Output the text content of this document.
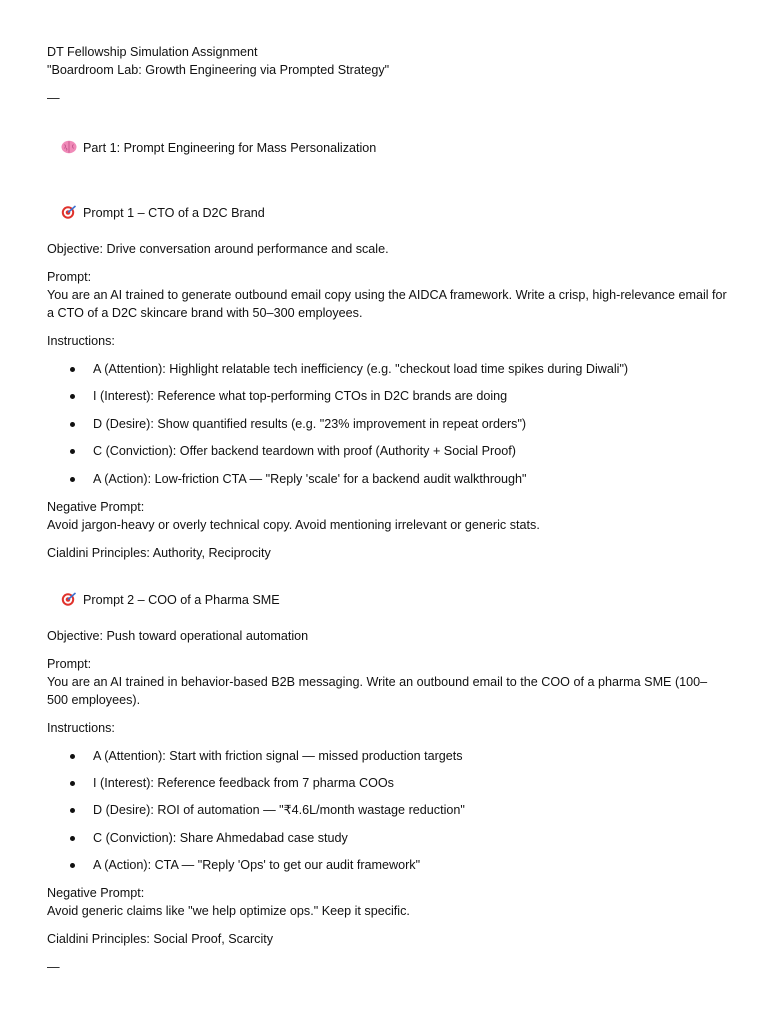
DT Fellowship Simulation Assignment
"Boardroom Lab: Growth Engineering via Prompted Strategy"
—

Part 1: Prompt Engineering for Mass Personalization

Prompt 1 – CTO of a D2C Brand

Objective: Drive conversation around performance and scale.
Prompt:
You are an AI trained to generate outbound email copy using the AIDCA framework. Write a crisp, high-relevance email for a CTO of a D2C skincare brand with 50–300 employees.
Instructions:
A (Attention): Highlight relatable tech inefficiency (e.g. "checkout load time spikes during Diwali")
I (Interest): Reference what top-performing CTOs in D2C brands are doing
D (Desire): Show quantified results (e.g. "23% improvement in repeat orders")
C (Conviction): Offer backend teardown with proof (Authority + Social Proof)
A (Action): Low-friction CTA — "Reply 'scale' for a backend audit walkthrough"
Negative Prompt:
Avoid jargon-heavy or overly technical copy. Avoid mentioning irrelevant or generic stats.
Cialdini Principles: Authority, Reciprocity

Prompt 2 – COO of a Pharma SME

Objective: Push toward operational automation
Prompt:
You are an AI trained in behavior-based B2B messaging. Write an outbound email to the COO of a pharma SME (100–500 employees).
Instructions:
A (Attention): Start with friction signal — missed production targets
I (Interest): Reference feedback from 7 pharma COOs
D (Desire): ROI of automation — "₹4.6L/month wastage reduction"
C (Conviction): Share Ahmedabad case study
A (Action): CTA — "Reply 'Ops' to get our audit framework"
Negative Prompt:
Avoid generic claims like "we help optimize ops." Keep it specific.
Cialdini Principles: Social Proof, Scarcity
—
